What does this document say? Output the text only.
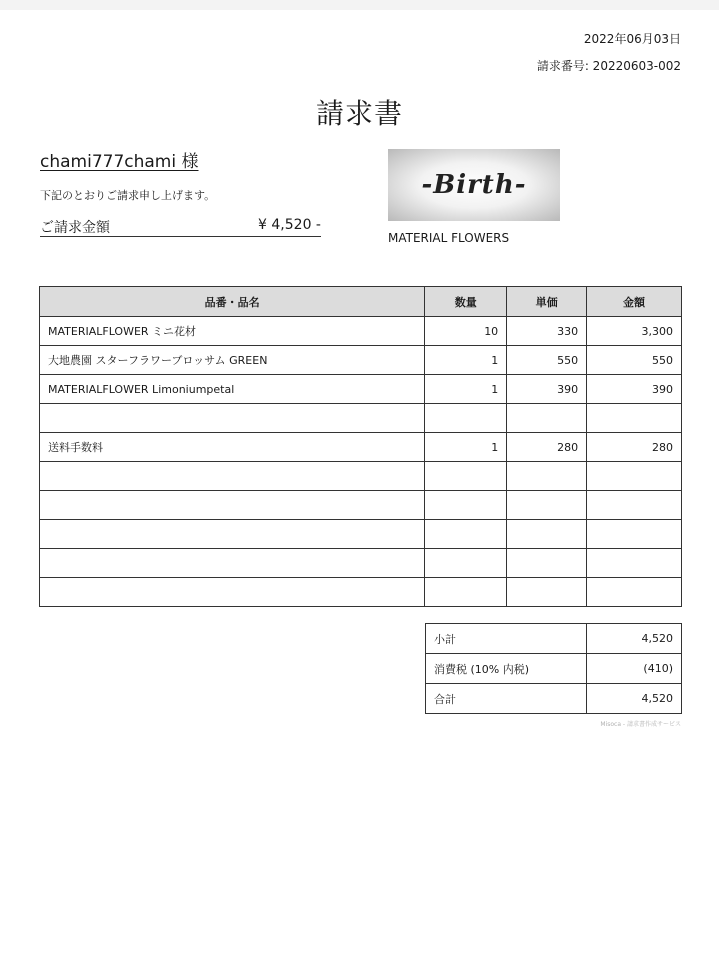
2022年06月03日
請求番号: 20220603-002
請求書
chami777chami 様
下記のとおりご請求申し上げます。
ご請求金額	¥ 4,520 -
-Birth-
MATERIAL FLOWERS
品番・品名	数量	単価	金額
MATERIALFLOWER ミニ花材	10	330	3,300
大地農園 スターフラワーブロッサム GREEN	1	550	550
MATERIALFLOWER Limoniumpetal	1	390	390

送料手数料	1	280	280

小計	4,520
消費税 (10% 内税)	(410)
合計	4,520
Misoca - 請求書作成サービス
